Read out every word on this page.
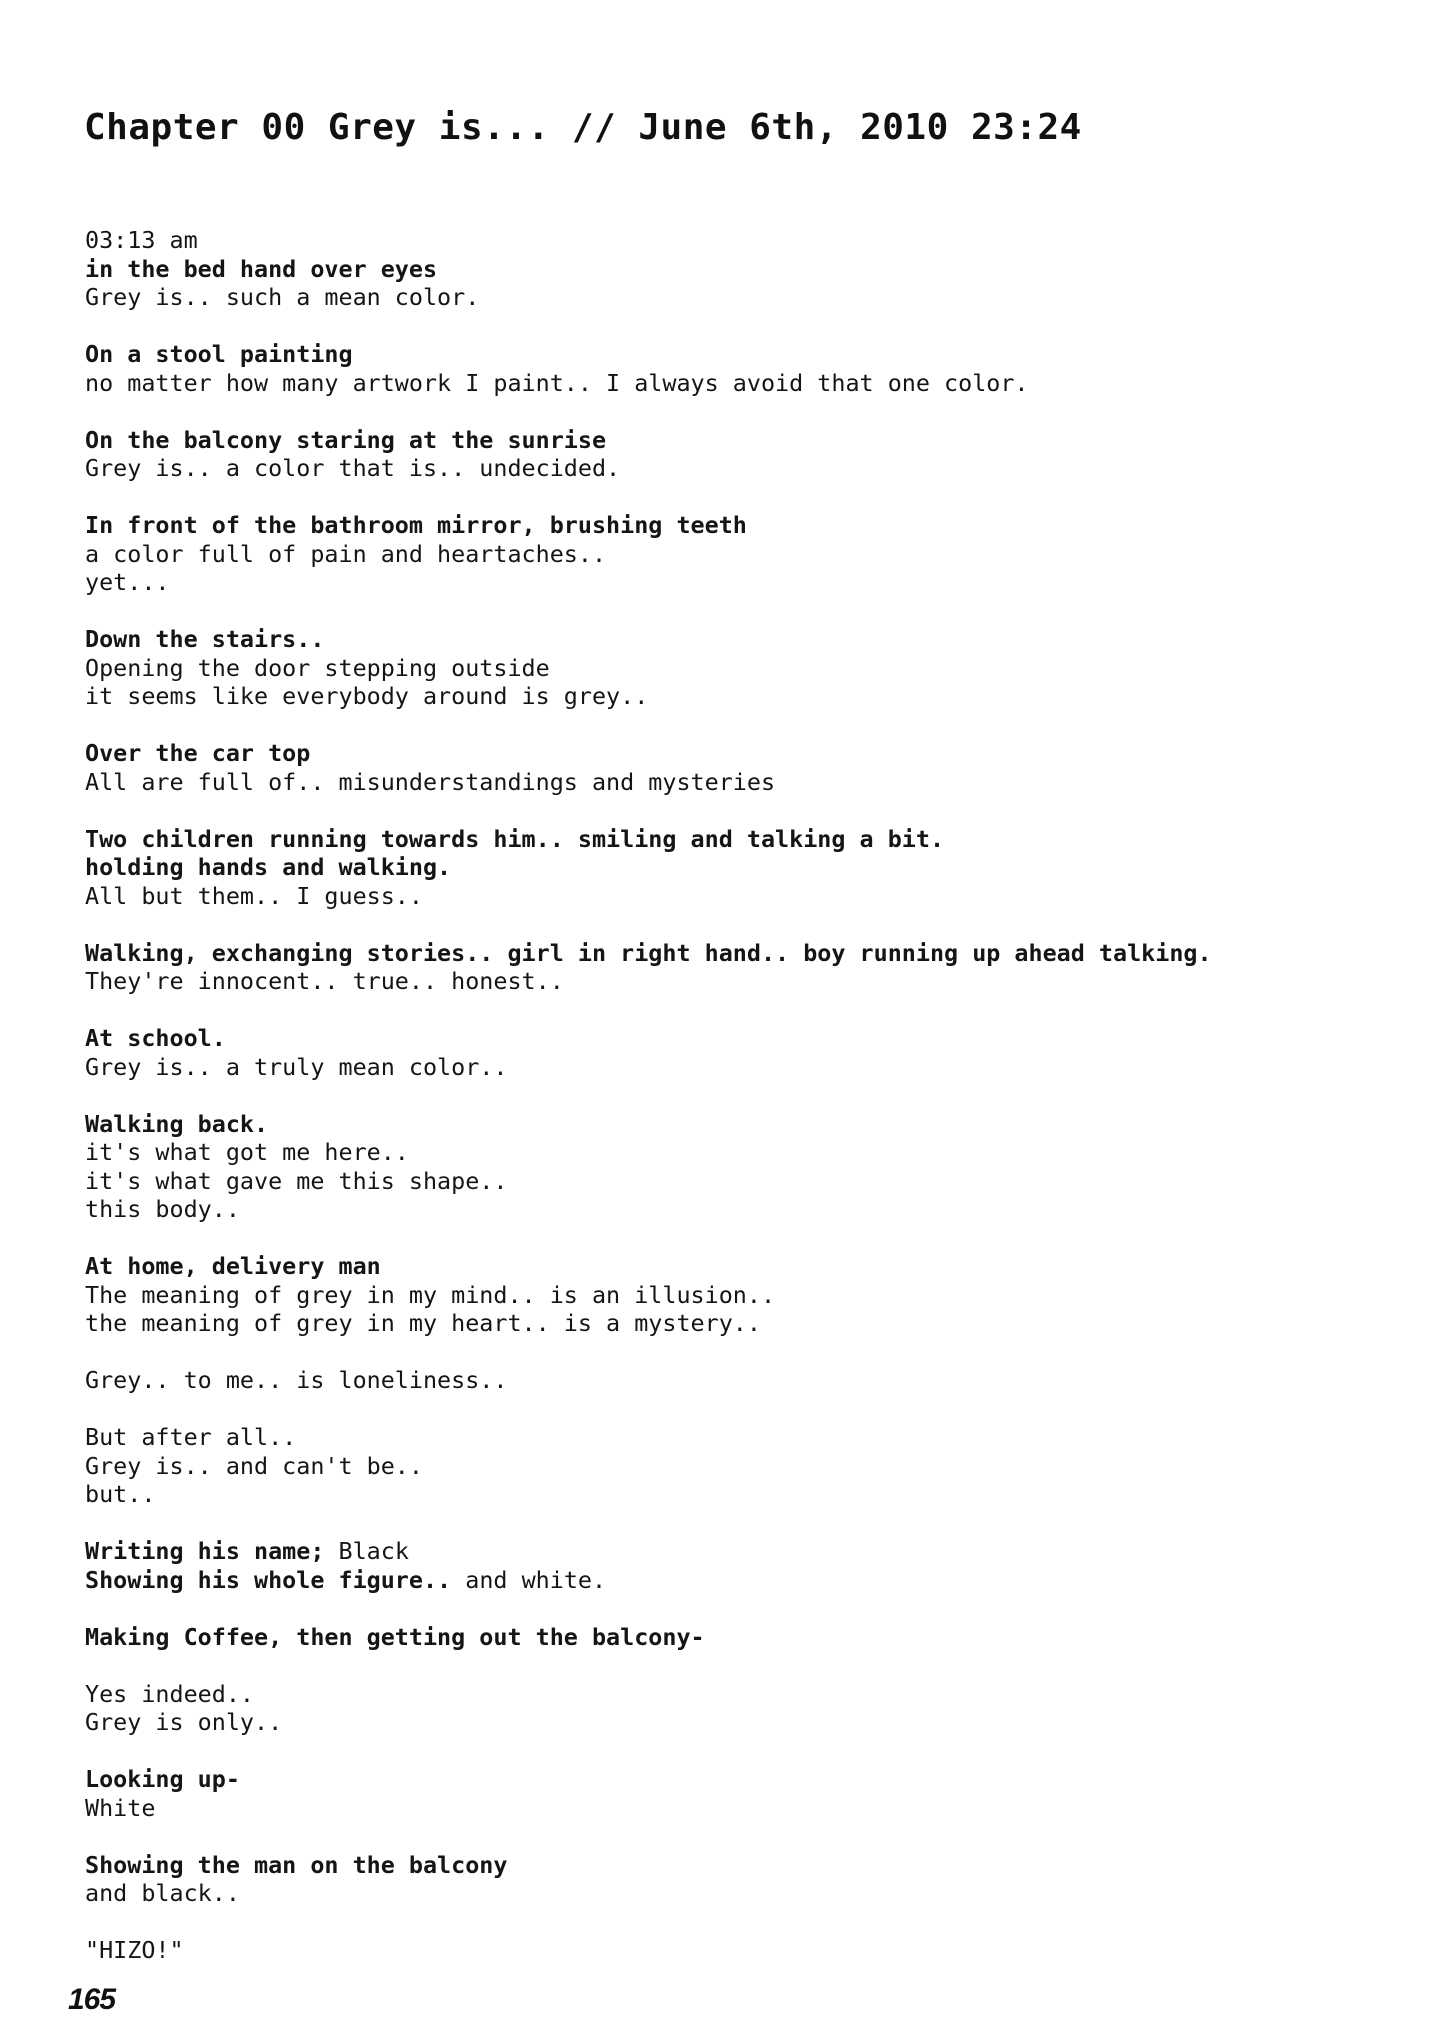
Chapter 00 Grey is... // June 6th, 2010 23:24
03:13 am
in the bed hand over eyes
Grey is.. such a mean color.
On a stool painting
no matter how many artwork I paint.. I always avoid that one color.
On the balcony staring at the sunrise
Grey is.. a color that is.. undecided.
In front of the bathroom mirror, brushing teeth
a color full of pain and heartaches..
yet...
Down the stairs..
Opening the door stepping outside
it seems like everybody around is grey..
Over the car top
All are full of.. misunderstandings and mysteries
Two children running towards him.. smiling and talking a bit.
holding hands and walking.
All but them.. I guess..
Walking, exchanging stories.. girl in right hand.. boy running up ahead talking.
They're innocent.. true.. honest..
At school.
Grey is.. a truly mean color..
Walking back.
it's what got me here..
it's what gave me this shape..
this body..
At home, delivery man
The meaning of grey in my mind.. is an illusion..
the meaning of grey in my heart.. is a mystery..
Grey.. to me.. is loneliness..
But after all..
Grey is.. and can't be..
but..
Writing his name; Black
Showing his whole figure.. and white.
Making Coffee, then getting out the balcony-
Yes indeed..
Grey is only..
Looking up-
White
Showing the man on the balcony
and black..
"HIZO!"
165
